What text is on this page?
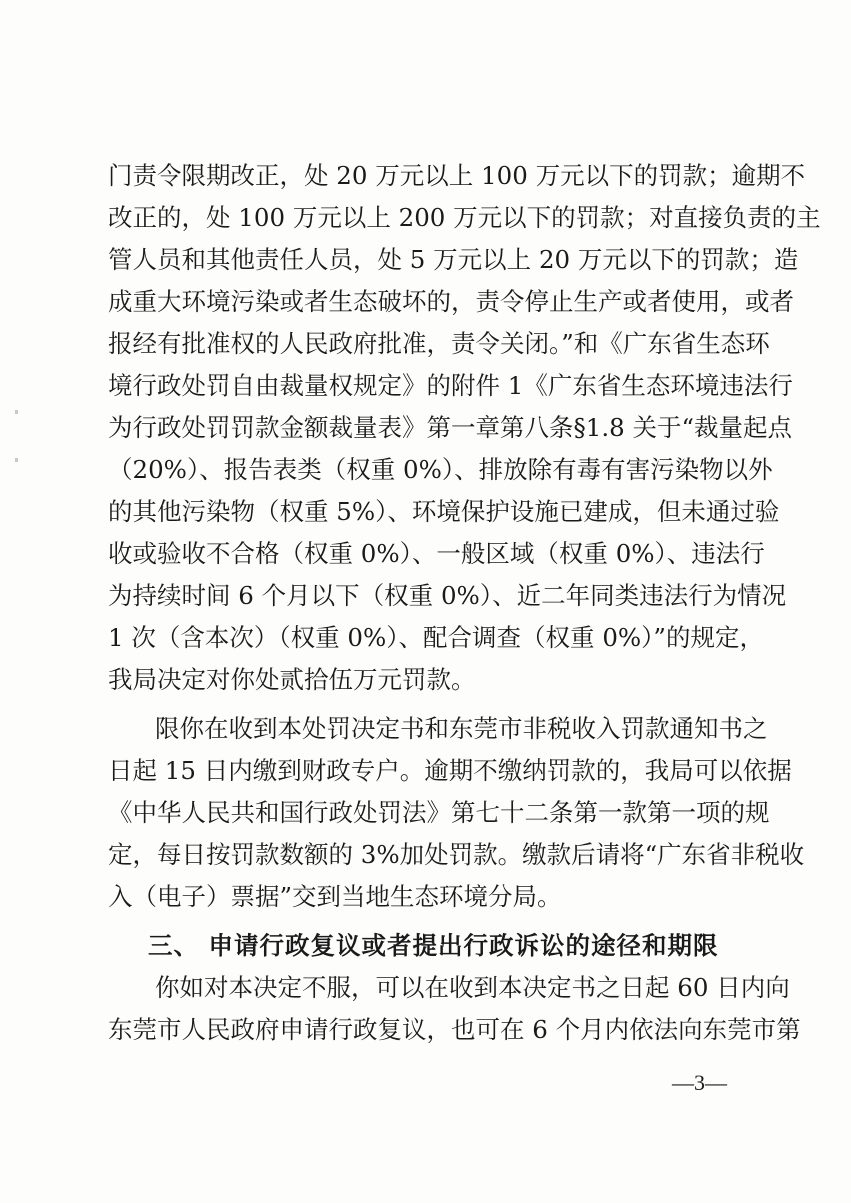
门责令限期改正，处 20 万元以上 100 万元以下的罚款；逾期不
改正的，处 100 万元以上 200 万元以下的罚款；对直接负责的主
管人员和其他责任人员，处 5 万元以上 20 万元以下的罚款；造
成重大环境污染或者生态破坏的，责令停止生产或者使用，或者
报经有批准权的人民政府批准，责令关闭。”和《广东省生态环
境行政处罚自由裁量权规定》的附件 1《广东省生态环境违法行
为行政处罚罚款金额裁量表》第一章第八条§1.8 关于“裁量起点
（20%）、报告表类（权重 0%）、排放除有毒有害污染物以外
的其他污染物（权重 5%）、环境保护设施已建成，但未通过验
收或验收不合格（权重 0%）、一般区域（权重 0%）、违法行
为持续时间 6 个月以下（权重 0%）、近二年同类违法行为情况
1 次（含本次）（权重 0%）、配合调查（权重 0%）”的规定，
我局决定对你处贰拾伍万元罚款。
限你在收到本处罚决定书和东莞市非税收入罚款通知书之
日起 15 日内缴到财政专户。逾期不缴纳罚款的，我局可以依据
《中华人民共和国行政处罚法》第七十二条第一款第一项的规
定，每日按罚款数额的 3%加处罚款。缴款后请将“广东省非税收
入（电子）票据”交到当地生态环境分局。
三、 申请行政复议或者提出行政诉讼的途径和期限
你如对本决定不服，可以在收到本决定书之日起 60 日内向
东莞市人民政府申请行政复议，也可在 6 个月内依法向东莞市第
—3—
